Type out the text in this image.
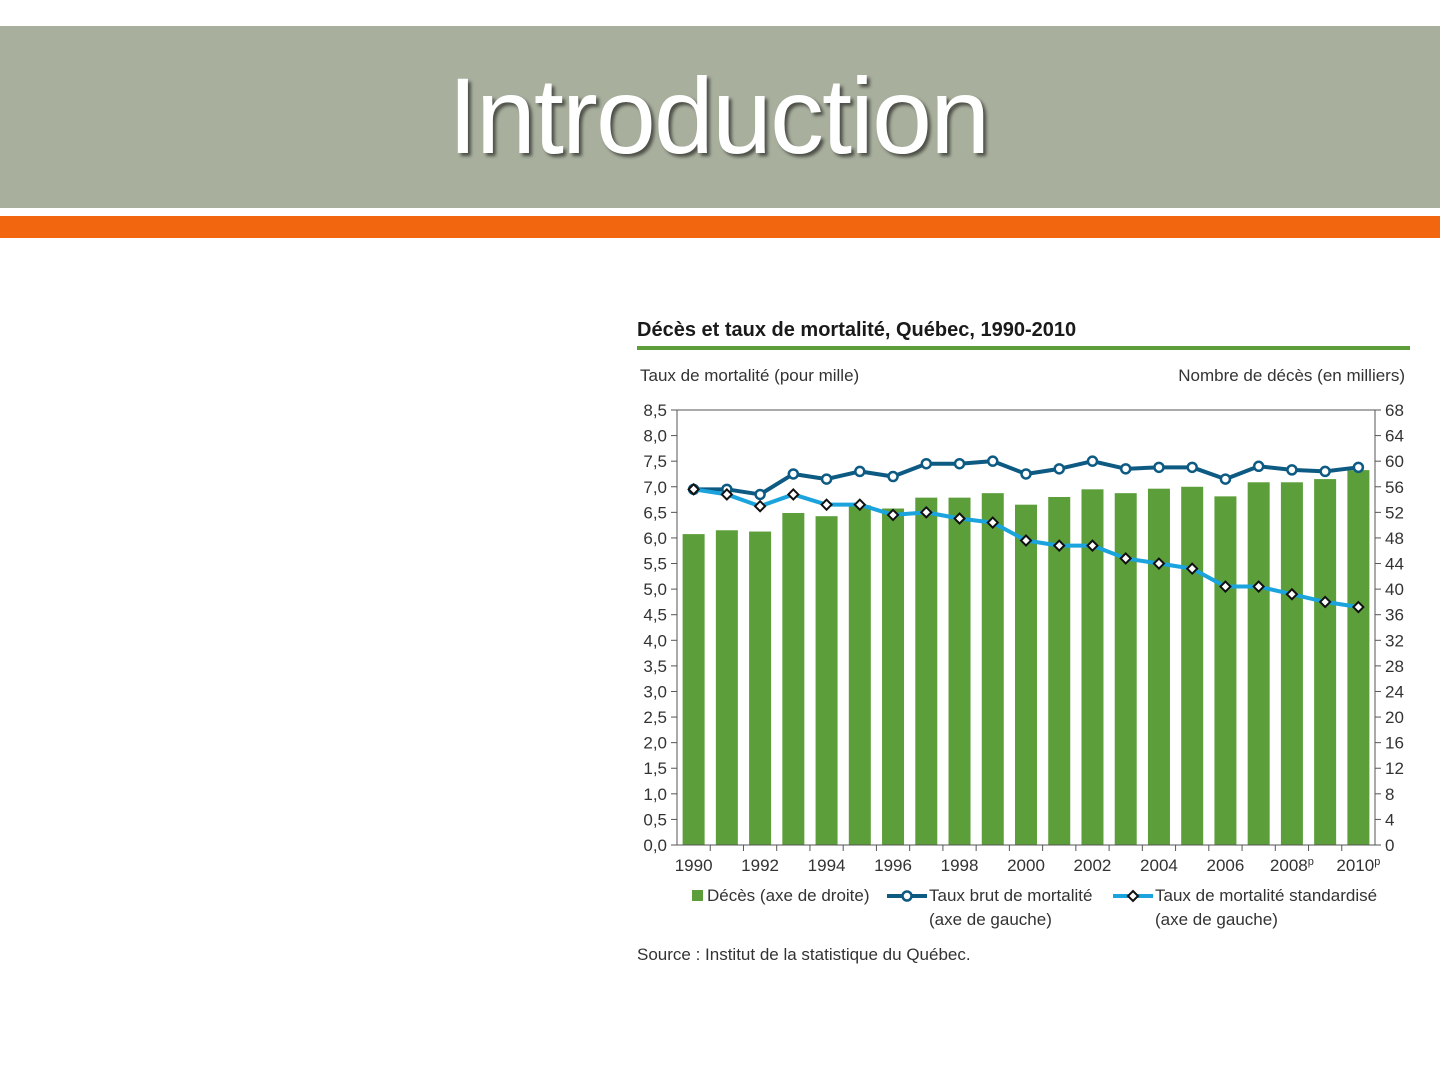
Introduction
Décès et taux de mortalité, Québec, 1990-2010
Taux de mortalité (pour mille)	Nombre de décès (en milliers)
0,0
0,5
1,0
1,5
2,0
2,5
3,0
3,5
4,0
4,5
5,0
5,5
6,0
6,5
7,0
7,5
8,0
8,5
0
4
8
12
16
20
24
28
32
36
40
44
48
52
56
60
64
68
1990 1992 1994 1996 1998 2000 2002 2004 2006 2008$^p$ 2010$^p$
Décès (axe de droite)	Taux brut de mortalité
(axe de gauche)
Taux de mortalité standardisé
(axe de gauche)
Source : Institut de la statistique du Québec.
